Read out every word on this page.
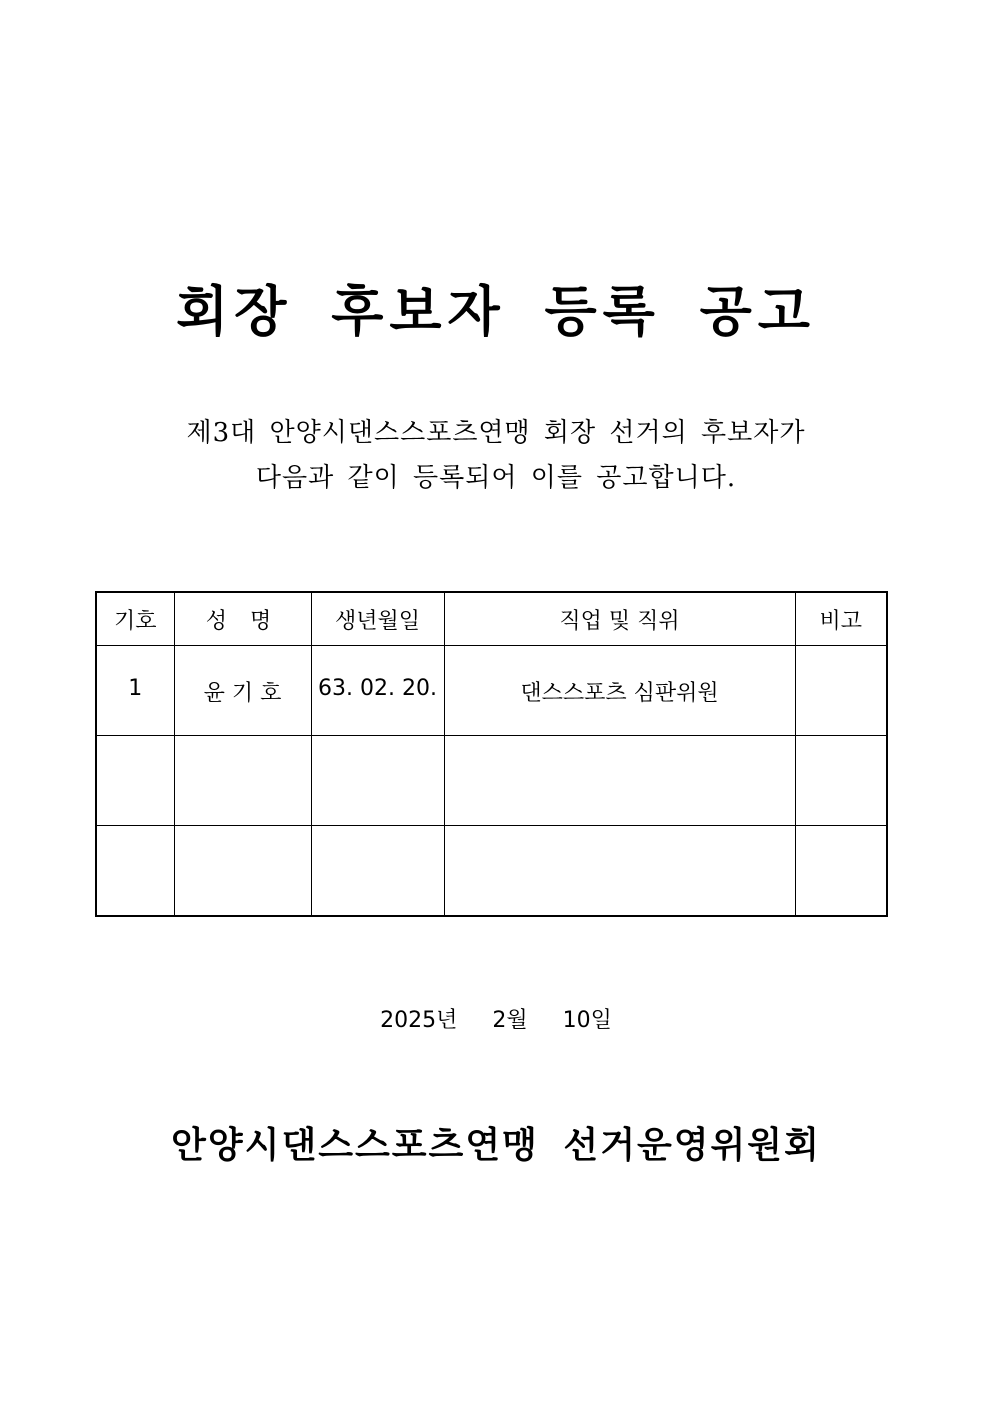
회장 후보자 등록 공고
제3대 안양시댄스스포츠연맹 회장 선거의 후보자가
다음과 같이 등록되어 이를 공고합니다.
기호	성 명	생년월일	직업 및 직위	비고
1	윤 기 호	63. 02. 20.	댄스스포츠 심판위원	

2025년 2월 10일
안양시댄스스포츠연맹 선거운영위원회
